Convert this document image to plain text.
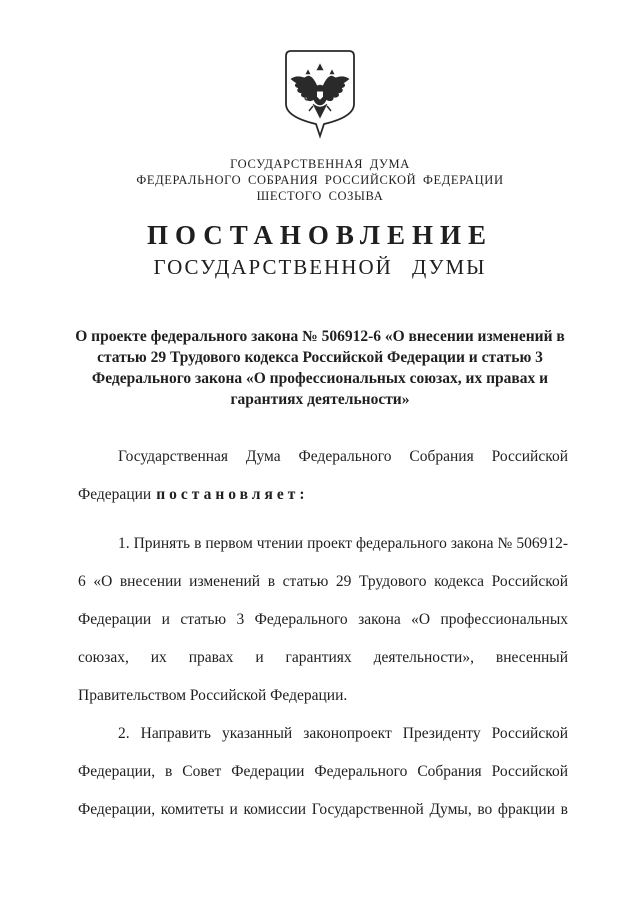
ГОСУДАРСТВЕННАЯ ДУМА
ФЕДЕРАЛЬНОГО СОБРАНИЯ РОССИЙСКОЙ ФЕДЕРАЦИИ
ШЕСТОГО СОЗЫВА
ПОСТАНОВЛЕНИЕ
ГОСУДАРСТВЕННОЙ ДУМЫ
О проекте федерального закона № 506912-6 «О внесении изменений в статью 29 Трудового кодекса Российской Федерации и статью 3 Федерального закона «О профессиональных союзах, их правах и гарантиях деятельности»

Государственная Дума Федерального Собрания Российской Федерации постановляет:

1. Принять в первом чтении проект федерального закона № 506912-6 «О внесении изменений в статью 29 Трудового кодекса Российской Федерации и статью 3 Федерального закона «О профессиональных союзах, их правах и гарантиях деятельности», внесенный Правительством Российской Федерации.

2. Направить указанный законопроект Президенту Российской Федерации, в Совет Федерации Федерального Собрания Российской Федерации, комитеты и комиссии Государственной Думы, во фракции в
